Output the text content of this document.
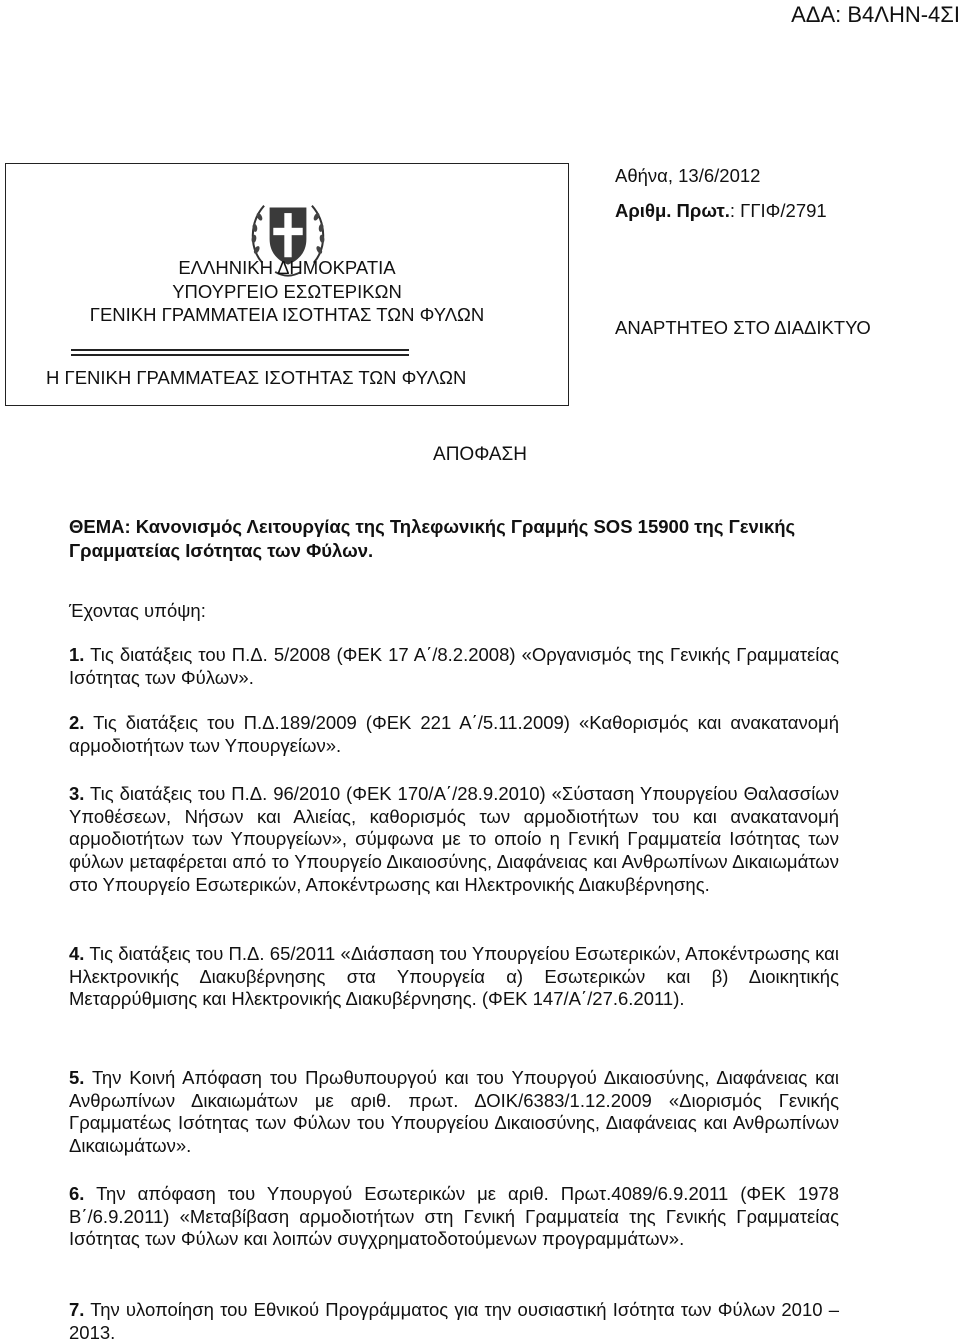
ΑΔΑ: Β4ΛΗΝ-4ΣΙ
ΕΛΛΗΝΙΚΗ ΔΗΜΟΚΡΑΤΙΑ
ΥΠΟΥΡΓΕΙΟ ΕΣΩΤΕΡΙΚΩΝ
ΓΕΝΙΚΗ ΓΡΑΜΜΑΤΕΙΑ ΙΣΟΤΗΤΑΣ ΤΩΝ ΦΥΛΩΝ
Η ΓΕΝΙΚΗ ΓΡΑΜΜΑΤΕΑΣ ΙΣΟΤΗΤΑΣ ΤΩΝ ΦΥΛΩΝ
Αθήνα, 13/6/2012
Αριθμ. Πρωτ.: ΓΓΙΦ/2791
ΑΝΑΡΤΗΤΕΟ ΣΤΟ ΔΙΑΔΙΚΤΥΟ
ΑΠΟΦΑΣΗ
ΘΕΜΑ: Κανονισμός Λειτουργίας της Τηλεφωνικής Γραμμής SOS 15900 της Γενικής Γραμματείας Ισότητας των Φύλων.
Έχοντας υπόψη:
1. Τις διατάξεις του Π.Δ. 5/2008 (ΦΕΚ 17 Α΄/8.2.2008) «Οργανισμός της Γενικής Γραμματείας Ισότητας των Φύλων».
2. Τις διατάξεις του Π.Δ.189/2009 (ΦΕΚ 221 Α΄/5.11.2009) «Καθορισμός και ανακατανομή αρμοδιοτήτων των Υπουργείων».
3. Τις διατάξεις του Π.Δ. 96/2010 (ΦΕΚ 170/Α΄/28.9.2010) «Σύσταση Υπουργείου Θαλασσίων Υποθέσεων, Νήσων και Αλιείας, καθορισμός των αρμοδιοτήτων του και ανακατανομή αρμοδιοτήτων των Υπουργείων», σύμφωνα με το οποίο η Γενική Γραμματεία Ισότητας των φύλων μεταφέρεται από το Υπουργείο Δικαιοσύνης, Διαφάνειας και Ανθρωπίνων Δικαιωμάτων στο Υπουργείο Εσωτερικών, Αποκέντρωσης και Ηλεκτρονικής Διακυβέρνησης.
4. Τις διατάξεις του Π.Δ. 65/2011 «Διάσπαση του Υπουργείου Εσωτερικών, Αποκέντρωσης και Ηλεκτρονικής Διακυβέρνησης στα Υπουργεία α) Εσωτερικών και β) Διοικητικής Μεταρρύθμισης και Ηλεκτρονικής Διακυβέρνησης. (ΦΕΚ 147/Α΄/27.6.2011).
5. Την Κοινή Απόφαση του Πρωθυπουργού και του Υπουργού Δικαιοσύνης, Διαφάνειας και Ανθρωπίνων Δικαιωμάτων με αριθ. πρωτ. ΔΟΙΚ/6383/1.12.2009 «Διορισμός Γενικής Γραμματέως Ισότητας των Φύλων του Υπουργείου Δικαιοσύνης, Διαφάνειας και Ανθρωπίνων Δικαιωμάτων».
6. Την απόφαση του Υπουργού Εσωτερικών με αριθ. Πρωτ.4089/6.9.2011 (ΦΕΚ 1978 Β΄/6.9.2011) «Μεταβίβαση αρμοδιοτήτων στη Γενική Γραμματεία της Γενικής Γραμματείας Ισότητας των Φύλων και λοιπών συγχρηματοδοτούμενων προγραμμάτων».
7. Την υλοποίηση του Εθνικού Προγράμματος για την ουσιαστική Ισότητα των Φύλων 2010 – 2013.
